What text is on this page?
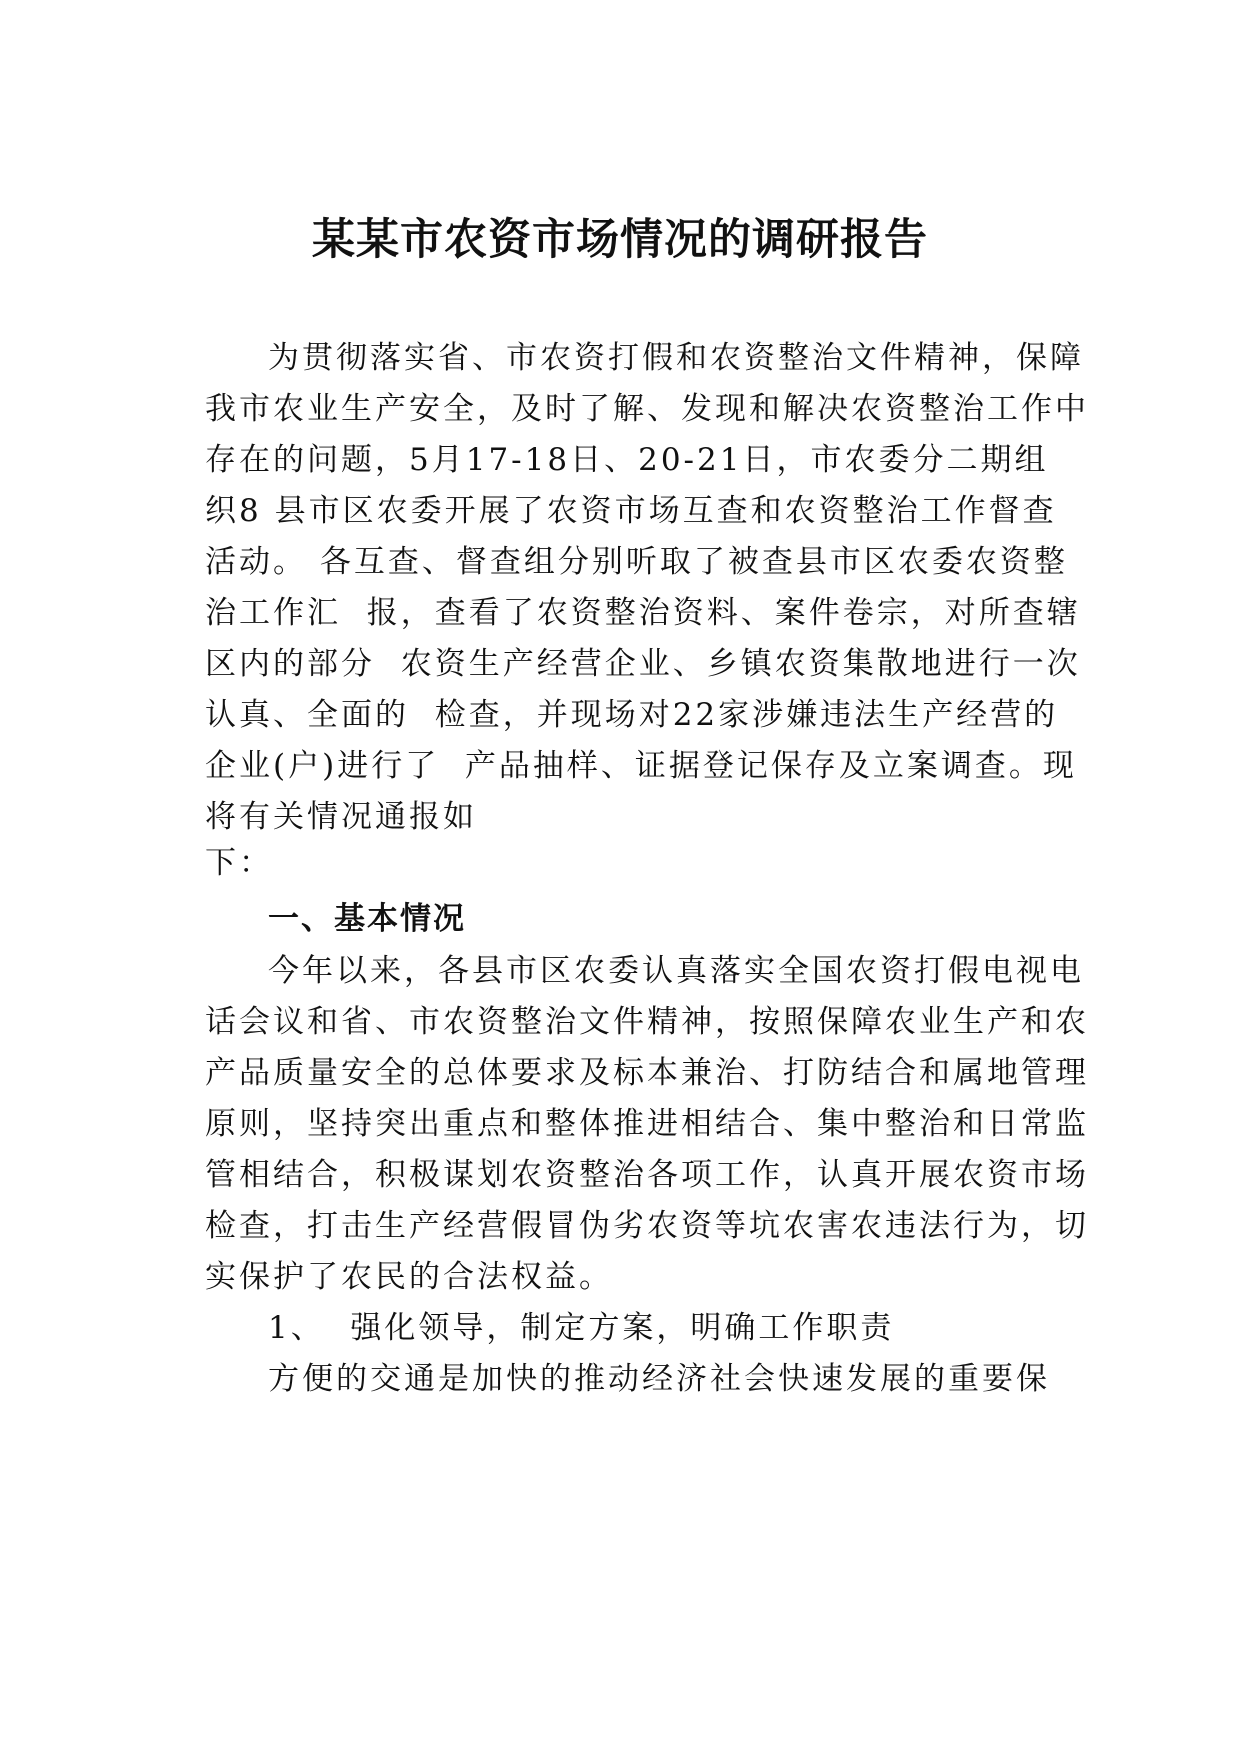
某某市农资市场情况的调研报告

为贯彻落实省、市农资打假和农资整治文件精神，保障

我市农业生产安全，及时了解、发现和解决农资整治工作中

存在的问题，5月17-18日、20-21日，市农委分二期组

织8 县市区农委开展了农资市场互查和农资整治工作督查

活动。 各互查、督查组分别听取了被查县市区农委农资整

治工作汇  报，查看了农资整治资料、案件卷宗，对所查辖

区内的部分  农资生产经营企业、乡镇农资集散地进行一次

认真、全面的  检查，并现场对22家涉嫌违法生产经营的

企业(户)进行了  产品抽样、证据登记保存及立案调查。现

将有关情况通报如

下：

一、基本情况

今年以来，各县市区农委认真落实全国农资打假电视电

话会议和省、市农资整治文件精神，按照保障农业生产和农

产品质量安全的总体要求及标本兼治、打防结合和属地管理

原则，坚持突出重点和整体推进相结合、集中整治和日常监

管相结合，积极谋划农资整治各项工作，认真开展农资市场

检查，打击生产经营假冒伪劣农资等坑农害农违法行为，切

实保护了农民的合法权益。

1、  强化领导，制定方案，明确工作职责

方便的交通是加快的推动经济社会快速发展的重要保
